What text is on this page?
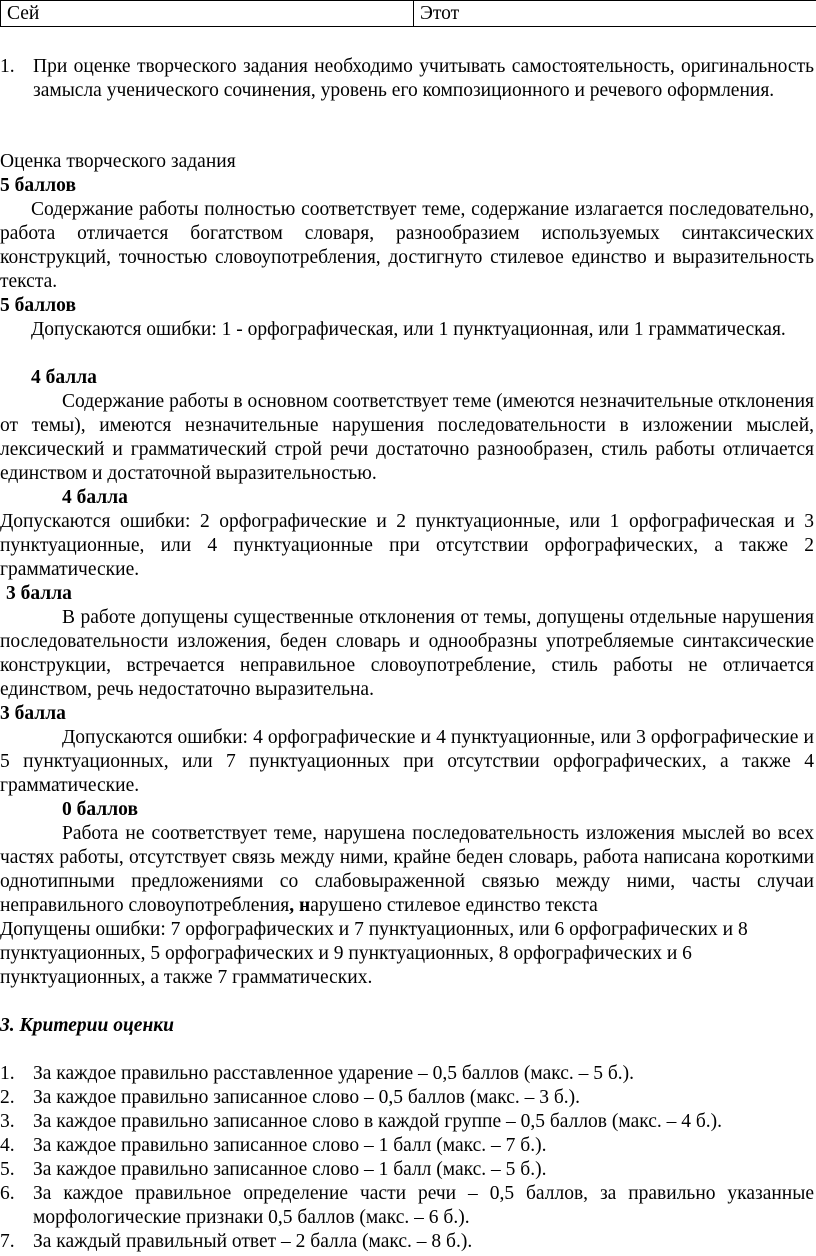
Сей	Этот
1. При оценке творческого задания необходимо учитывать самостоятельность, оригинальность замысла ученического сочинения, уровень его композиционного и речевого оформления.
Оценка творческого задания
5 баллов
Содержание работы полностью соответствует теме, содержание излагается последовательно, работа отличается богатством словаря, разнообразием используемых синтаксических конструкций, точностью словоупотребления, достигнуто стилевое единство и выразительность текста.
5 баллов
Допускаются ошибки: 1 - орфографическая, или 1 пунктуационная, или 1 грамматическая.
4 балла
Содержание работы в основном соответствует теме (имеются незначительные отклонения от темы), имеются незначительные нарушения последовательности в изложении мыслей, лексический и грамматический строй речи достаточно разнообразен, стиль работы отличается единством и достаточной выразительностью.
4 балла
Допускаются ошибки: 2 орфографические и 2 пунктуационные, или 1 орфографическая и 3 пунктуационные, или 4 пунктуационные при отсутствии орфографических, а также 2 грамматические.
3 балла
В работе допущены существенные отклонения от темы, допущены отдельные нарушения последовательности изложения, беден словарь и однообразны употребляемые синтаксические конструкции, встречается неправильное словоупотребление, стиль работы не отличается единством, речь недостаточно выразительна.
3 балла
Допускаются ошибки: 4 орфографические и 4 пунктуационные, или 3 орфографические и 5 пунктуационных, или 7 пунктуационных при отсутствии орфографических, а также 4 грамматические.
0 баллов
Работа не соответствует теме, нарушена последовательность изложения мыслей во всех частях работы, отсутствует связь между ними, крайне беден словарь, работа написана короткими однотипными предложениями со слабовыраженной связью между ними, часты случаи неправильного словоупотребления, нарушено стилевое единство текста
Допущены ошибки: 7 орфографических и 7 пунктуационных, или 6 орфографических и 8 пунктуационных, 5 орфографических и 9 пунктуационных, 8 орфографических и 6 пунктуационных, а также 7 грамматических.
3. Критерии оценки
1. За каждое правильно расставленное ударение – 0,5 баллов (макс. – 5 б.).
2. За каждое правильно записанное слово – 0,5 баллов (макс. – 3 б.).
3. За каждое правильно записанное слово в каждой группе – 0,5 баллов (макс. – 4 б.).
4. За каждое правильно записанное слово – 1 балл (макс. – 7 б.).
5. За каждое правильно записанное слово – 1 балл (макс. – 5 б.).
6. За каждое правильное определение части речи – 0,5 баллов, за правильно указанные морфологические признаки 0,5 баллов (макс. – 6 б.).
7. За каждый правильный ответ – 2 балла (макс. – 8 б.).
